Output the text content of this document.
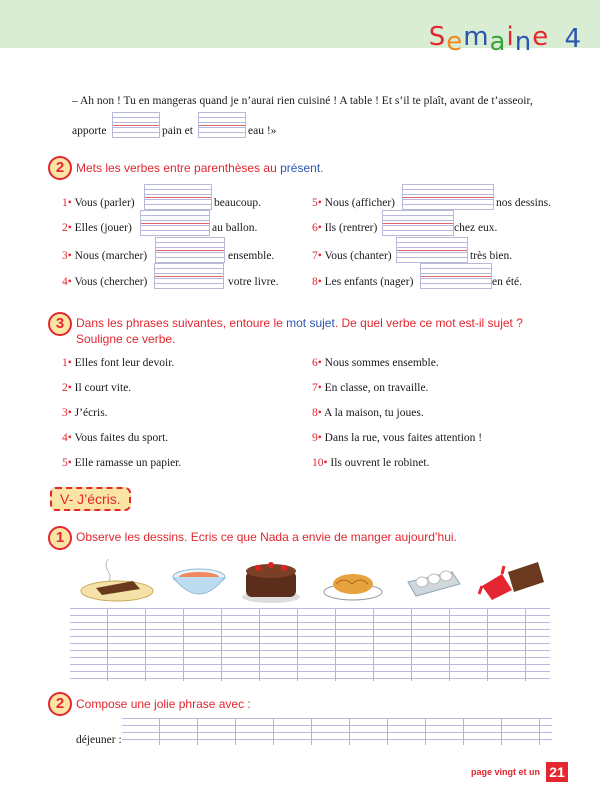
Semaine 4
– Ah non ! Tu en mangeras quand je n’aurai rien cuisiné ! A table ! Et s’il te plaît, avant de t’asseoir,
apporte	pain et	eau !»
2 Mets les verbes entre parenthèses au présent.
1• Vous (parler)	beaucoup.
2• Elles (jouer)	au ballon.
3• Nous (marcher)	ensemble.
4• Vous (chercher)	votre livre.
5• Nous (afficher)	nos dessins.
6• Ils (rentrer)	chez eux.
7• Vous (chanter)	très bien.
8• Les enfants (nager)	en été.
3 Dans les phrases suivantes, entoure le mot sujet. De quel verbe ce mot est-il sujet ?
Souligne ce verbe.
1• Elles font leur devoir.
2• Il court vite.
3• J’écris.
4• Vous faites du sport.
5• Elle ramasse un papier.
6• Nous sommes ensemble.
7• En classe, on travaille.
8• A la maison, tu joues.
9• Dans la rue, vous faites attention !
10• Ils ouvrent le robinet.
V- J’écris.
1 Observe les dessins. Ecris ce que Nada a envie de manger aujourd’hui.
2 Compose une jolie phrase avec :
déjeuner :
page vingt et un 21
